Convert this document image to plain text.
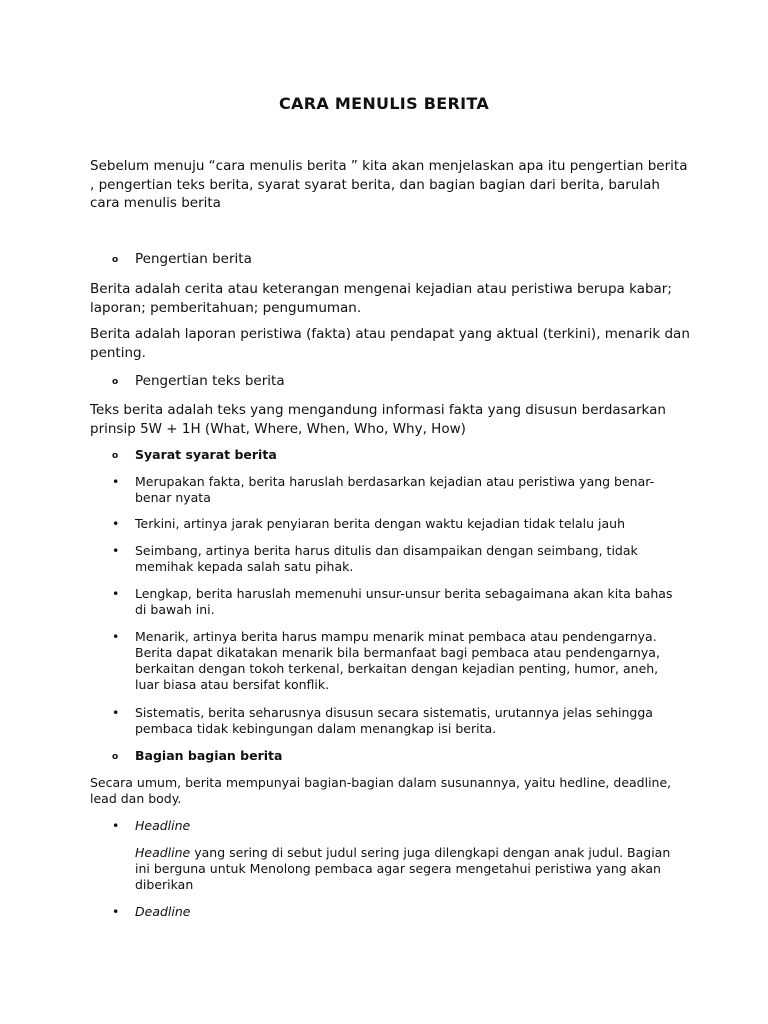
CARA MENULIS BERITA

Sebelum menuju “cara menulis berita ” kita akan menjelaskan apa itu pengertian berita , pengertian teks berita, syarat syarat berita, dan bagian bagian dari berita, barulah cara menulis berita

o Pengertian berita

Berita adalah cerita atau keterangan mengenai kejadian atau peristiwa berupa kabar; laporan; pemberitahuan; pengumuman.

Berita adalah laporan peristiwa (fakta) atau pendapat yang aktual (terkini), menarik dan penting.

o Pengertian teks berita

Teks berita adalah teks yang mengandung informasi fakta yang disusun berdasarkan prinsip 5W + 1H (What, Where, When, Who, Why, How)

o Syarat syarat berita
•	Merupakan fakta, berita haruslah berdasarkan kejadian atau peristiwa yang benar-benar nyata
•	Terkini, artinya jarak penyiaran berita dengan waktu kejadian tidak telalu jauh
•	Seimbang, artinya berita harus ditulis dan disampaikan dengan seimbang, tidak memihak kepada salah satu pihak.
•	Lengkap, berita haruslah memenuhi unsur-unsur berita sebagaimana akan kita bahas di bawah ini.
•	Menarik, artinya berita harus mampu menarik minat pembaca atau pendengarnya. Berita dapat dikatakan menarik bila bermanfaat bagi pembaca atau pendengarnya, berkaitan dengan tokoh terkenal, berkaitan dengan kejadian penting, humor, aneh, luar biasa atau bersifat konflik.
•	Sistematis, berita seharusnya disusun secara sistematis, urutannya jelas sehingga pembaca tidak kebingungan dalam menangkap isi berita.
o Bagian bagian berita
Secara umum, berita mempunyai bagian-bagian dalam susunannya, yaitu hedline, deadline, lead dan body.
•	Headline
Headline yang sering di sebut judul sering juga dilengkapi dengan anak judul. Bagian ini berguna untuk Menolong pembaca agar segera mengetahui peristiwa yang akan diberikan
•	Deadline
